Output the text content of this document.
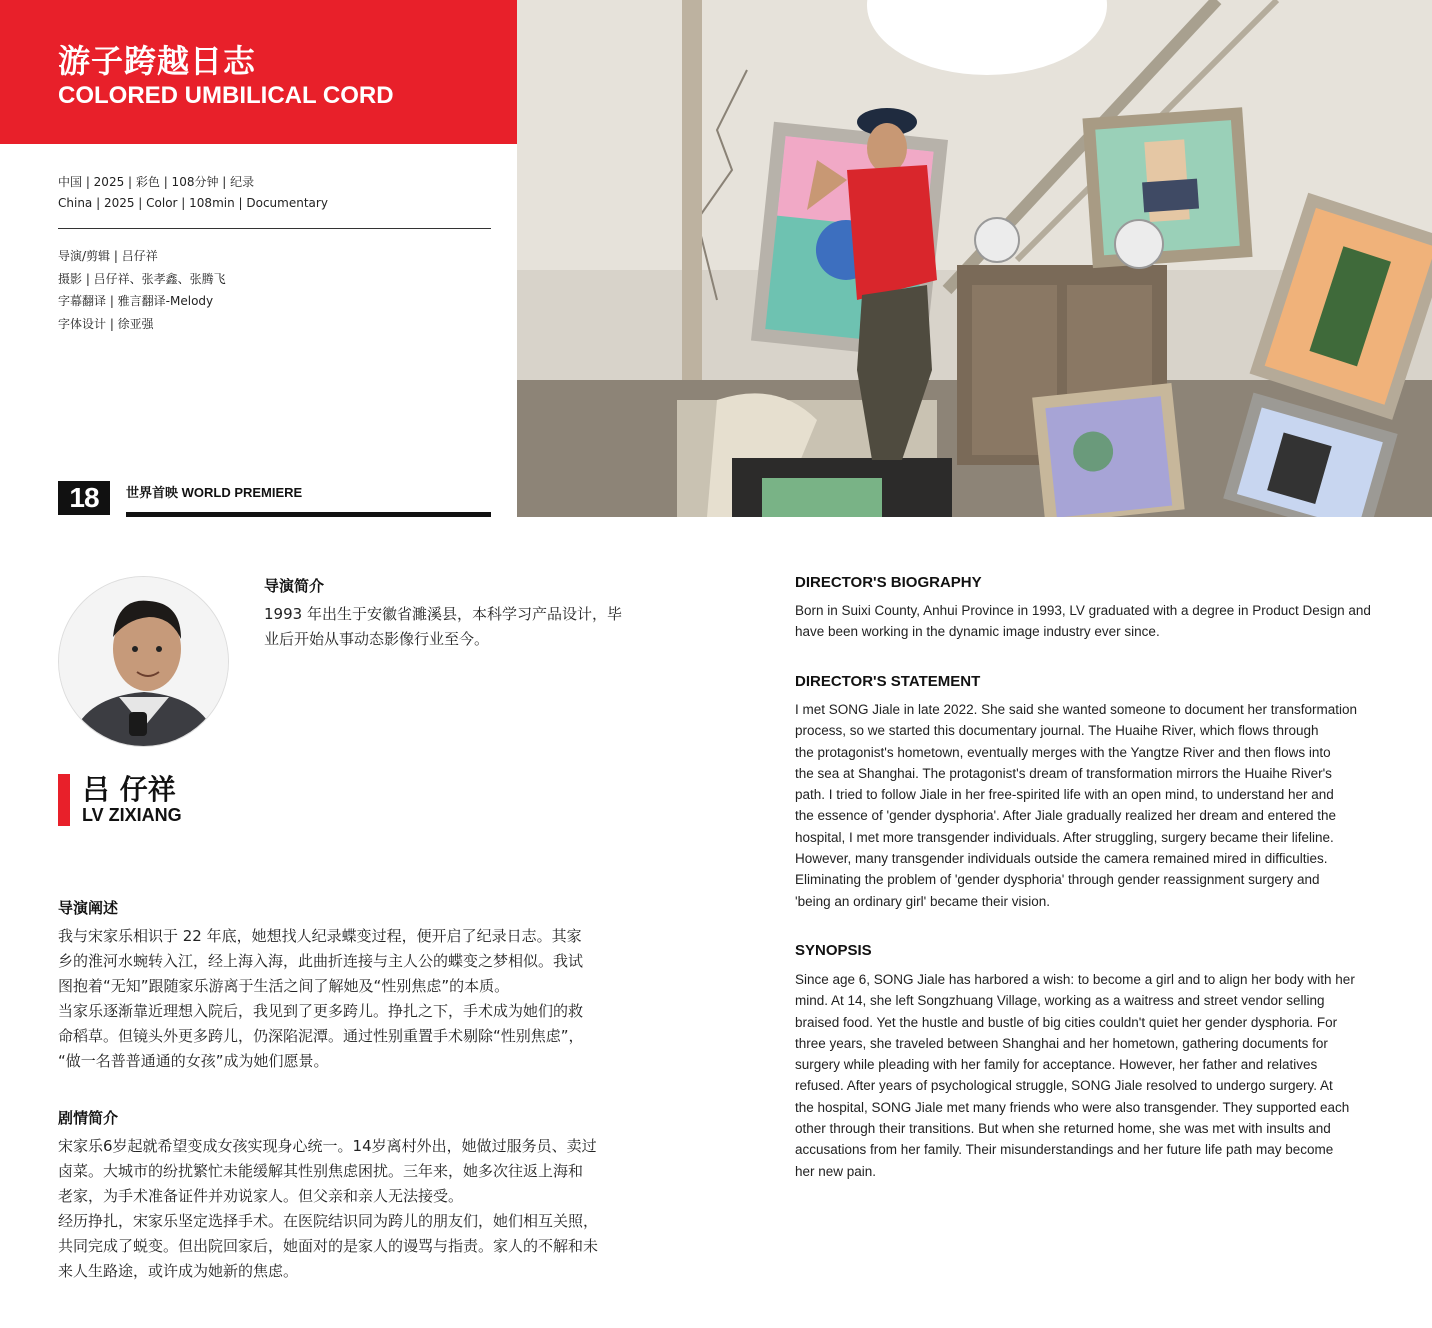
游子跨越日志
COLORED UMBILICAL CORD
中国 | 2025 | 彩色 | 108分钟 | 纪录
China | 2025 | Color | 108min | Documentary
导演/剪辑 | 吕仔祥
摄影 | 吕仔祥、张孝鑫、张腾飞
字幕翻译 | 雅言翻译-Melody
字体设计 | 徐亚强
18	世界首映 WORLD PREMIERE
吕 仔祥
LV ZIXIANG
导演简介
1993 年出生于安徽省濉溪县，本科学习产品设计，毕
业后开始从事动态影像行业至今。
导演阐述
我与宋家乐相识于 22 年底，她想找人纪录蝶变过程，便开启了纪录日志。其家
乡的淮河水蜿转入江，经上海入海，此曲折连接与主人公的蝶变之梦相似。我试
图抱着“无知”跟随家乐游离于生活之间了解她及“性别焦虑”的本质。
当家乐逐渐靠近理想入院后，我见到了更多跨儿。挣扎之下，手术成为她们的救
命稻草。但镜头外更多跨儿，仍深陷泥潭。通过性别重置手术剔除“性别焦虑”，
“做一名普普通通的女孩”成为她们愿景。
剧情简介
宋家乐6岁起就希望变成女孩实现身心统一。14岁离村外出，她做过服务员、卖过
卤菜。大城市的纷扰繁忙未能缓解其性别焦虑困扰。三年来，她多次往返上海和
老家，为手术准备证件并劝说家人。但父亲和亲人无法接受。
经历挣扎，宋家乐坚定选择手术。在医院结识同为跨儿的朋友们，她们相互关照，
共同完成了蜕变。但出院回家后，她面对的是家人的谩骂与指责。家人的不解和未
来人生路途，或许成为她新的焦虑。
DIRECTOR'S BIOGRAPHY
Born in Suixi County, Anhui Province in 1993, LV graduated with a degree in Product Design and
have been working in the dynamic image industry ever since.
DIRECTOR'S STATEMENT
I met SONG Jiale in late 2022. She said she wanted someone to document her transformation
process, so we started this documentary journal. The Huaihe River, which flows through
the protagonist's hometown, eventually merges with the Yangtze River and then flows into
the sea at Shanghai. The protagonist's dream of transformation mirrors the Huaihe River's
path. I tried to follow Jiale in her free-spirited life with an open mind, to understand her and
the essence of 'gender dysphoria'. After Jiale gradually realized her dream and entered the
hospital, I met more transgender individuals. After struggling, surgery became their lifeline.
However, many transgender individuals outside the camera remained mired in difficulties.
Eliminating the problem of 'gender dysphoria' through gender reassignment surgery and
'being an ordinary girl' became their vision.
SYNOPSIS
Since age 6, SONG Jiale has harbored a wish: to become a girl and to align her body with her
mind. At 14, she left Songzhuang Village, working as a waitress and street vendor selling
braised food. Yet the hustle and bustle of big cities couldn't quiet her gender dysphoria. For
three years, she traveled between Shanghai and her hometown, gathering documents for
surgery while pleading with her family for acceptance. However, her father and relatives
refused. After years of psychological struggle, SONG Jiale resolved to undergo surgery. At
the hospital, SONG Jiale met many friends who were also transgender. They supported each
other through their transitions. But when she returned home, she was met with insults and
accusations from her family. Their misunderstandings and her future life path may become
her new pain.
